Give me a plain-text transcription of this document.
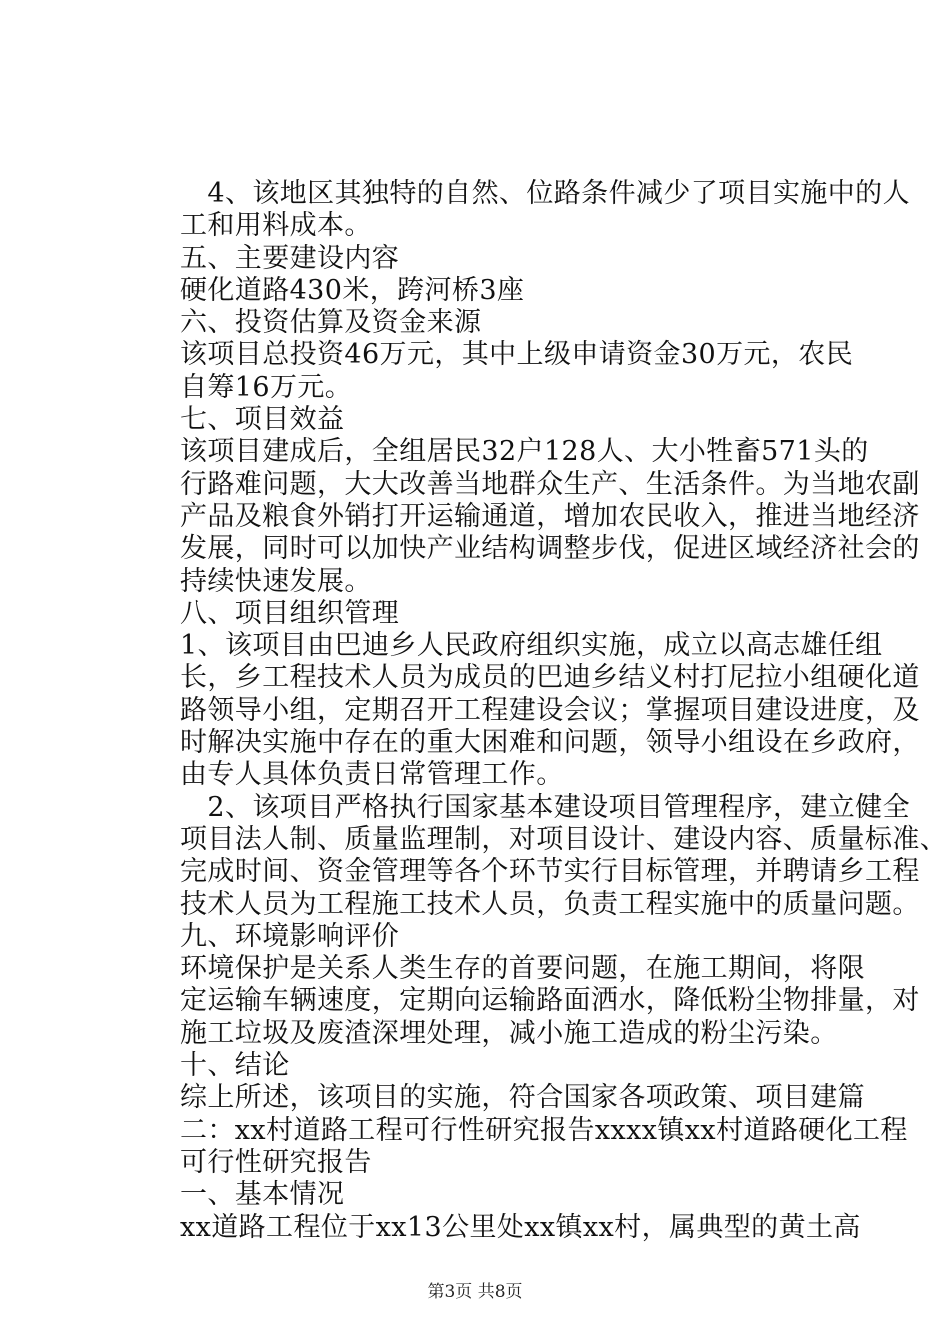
　4、该地区其独特的自然、位路条件减少了项目实施中的人
工和用料成本。
五、主要建设内容
硬化道路430米，跨河桥3座
六、投资估算及资金来源
该项目总投资46万元，其中上级申请资金30万元，农民
自筹16万元。
七、项目效益
该项目建成后，全组居民32户128人、大小牲畜571头的
行路难问题，大大改善当地群众生产、生活条件。为当地农副
产品及粮食外销打开运输通道，增加农民收入，推进当地经济
发展，同时可以加快产业结构调整步伐，促进区域经济社会的
持续快速发展。
八、项目组织管理
1、该项目由巴迪乡人民政府组织实施，成立以高志雄任组
长，乡工程技术人员为成员的巴迪乡结义村打尼拉小组硬化道
路领导小组，定期召开工程建设会议；掌握项目建设进度，及
时解决实施中存在的重大困难和问题，领导小组设在乡政府，
由专人具体负责日常管理工作。
　2、该项目严格执行国家基本建设项目管理程序，建立健全
项目法人制、质量监理制，对项目设计、建设内容、质量标准、
完成时间、资金管理等各个环节实行目标管理，并聘请乡工程
技术人员为工程施工技术人员，负责工程实施中的质量问题。
九、环境影响评价
环境保护是关系人类生存的首要问题，在施工期间，将限
定运输车辆速度，定期向运输路面洒水，降低粉尘物排量，对
施工垃圾及废渣深埋处理，减小施工造成的粉尘污染。
十、结论
综上所述，该项目的实施，符合国家各项政策、项目建篇
二：xx村道路工程可行性研究报告xxxx镇xx村道路硬化工程
可行性研究报告
一、基本情况
xx道路工程位于xx13公里处xx镇xx村，属典型的黄土高
第3页 共8页
